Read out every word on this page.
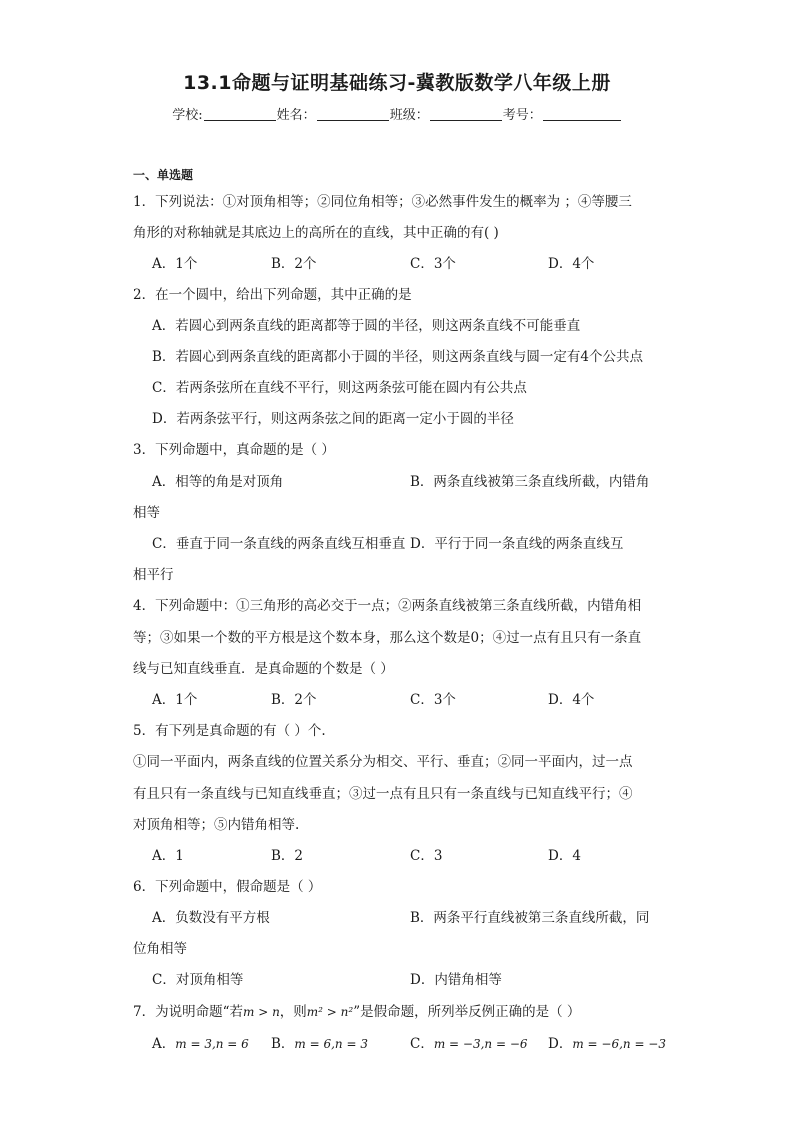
13.1命题与证明基础练习-冀教版数学八年级上册
学校:	姓名：	班级：	考号：
一、单选题
1．下列说法：①对顶角相等；②同位角相等；③必然事件发生的概率为 ；④等腰三
角形的对称轴就是其底边上的高所在的直线，其中正确的有( )
A．1个	B．2个	C．3个	D．4个
2．在一个圆中，给出下列命题，其中正确的是
A．若圆心到两条直线的距离都等于圆的半径，则这两条直线不可能垂直
B．若圆心到两条直线的距离都小于圆的半径，则这两条直线与圆一定有4个公共点
C．若两条弦所在直线不平行，则这两条弦可能在圆内有公共点
D．若两条弦平行，则这两条弦之间的距离一定小于圆的半径
3．下列命题中，真命题的是（ ）
A．相等的角是对顶角	B．两条直线被第三条直线所截，内错角
相等
C．垂直于同一条直线的两条直线互相垂直 D．平行于同一条直线的两条直线互
相平行
4．下列命题中：①三角形的高必交于一点；②两条直线被第三条直线所截，内错角相
等；③如果一个数的平方根是这个数本身，那么这个数是0；④过一点有且只有一条直
线与已知直线垂直．是真命题的个数是（ ）
A．1个	B．2个	C．3个	D．4个
5．有下列是真命题的有（ ）个.
①同一平面内，两条直线的位置关系分为相交、平行、垂直；②同一平面内，过一点
有且只有一条直线与已知直线垂直；③过一点有且只有一条直线与已知直线平行；④
对顶角相等；⑤内错角相等.
A．1	B．2	C．3	D．4
6．下列命题中，假命题是（ ）
A．负数没有平方根	B．两条平行直线被第三条直线所截，同
位角相等
C．对顶角相等	D．内错角相等
7．为说明命题“若m > n，则m² > n²”是假命题，所列举反例正确的是（ ）
A．m = 3,n = 6 B．m = 6,n = 3	C．m = −3,n = −6 D．m = −6,n = −3
